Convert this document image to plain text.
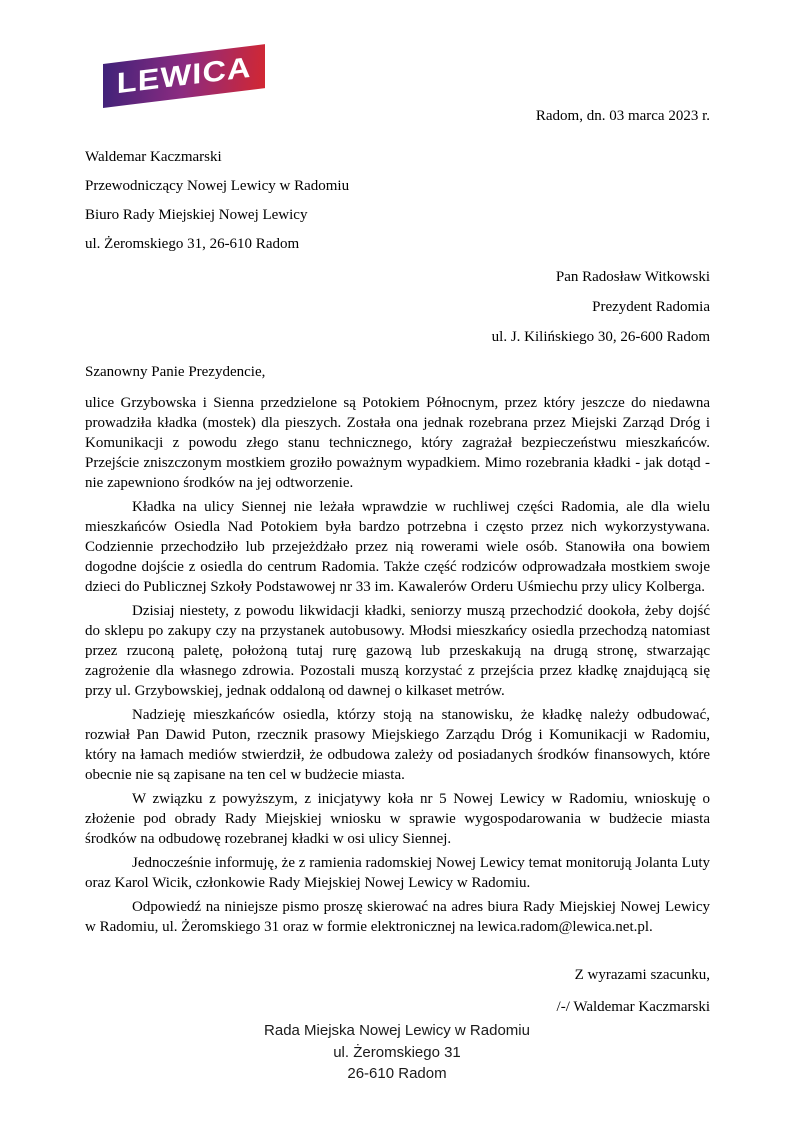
LEWICA
Radom, dn. 03 marca 2023 r.
Waldemar Kaczmarski
Przewodniczący Nowej Lewicy w Radomiu
Biuro Rady Miejskiej Nowej Lewicy
ul. Żeromskiego 31, 26-610 Radom
Pan Radosław Witkowski
Prezydent Radomia
ul. J. Kilińskiego 30, 26-600 Radom
Szanowny Panie Prezydencie,

ulice Grzybowska i Sienna przedzielone są Potokiem Północnym, przez który jeszcze do niedawna prowadziła kładka (mostek) dla pieszych. Została ona jednak rozebrana przez Miejski Zarząd Dróg i Komunikacji z powodu złego stanu technicznego, który zagrażał bezpieczeństwu mieszkańców. Przejście zniszczonym mostkiem groziło poważnym wypadkiem. Mimo rozebrania kładki - jak dotąd - nie zapewniono środków na jej odtworzenie.

Kładka na ulicy Siennej nie leżała wprawdzie w ruchliwej części Radomia, ale dla wielu mieszkańców Osiedla Nad Potokiem była bardzo potrzebna i często przez nich wykorzystywana. Codziennie przechodziło lub przejeżdżało przez nią rowerami wiele osób. Stanowiła ona bowiem dogodne dojście z osiedla do centrum Radomia. Także część rodziców odprowadzała mostkiem swoje dzieci do Publicznej Szkoły Podstawowej nr 33 im. Kawalerów Orderu Uśmiechu przy ulicy Kolberga.

Dzisiaj niestety, z powodu likwidacji kładki, seniorzy muszą przechodzić dookoła, żeby dojść do sklepu po zakupy czy na przystanek autobusowy. Młodsi mieszkańcy osiedla przechodzą natomiast przez rzuconą paletę, położoną tutaj rurę gazową lub przeskakują na drugą stronę, stwarzając zagrożenie dla własnego zdrowia. Pozostali muszą korzystać z przejścia przez kładkę znajdującą się przy ul. Grzybowskiej, jednak oddaloną od dawnej o kilkaset metrów.

Nadzieję mieszkańców osiedla, którzy stoją na stanowisku, że kładkę należy odbudować, rozwiał Pan Dawid Puton, rzecznik prasowy Miejskiego Zarządu Dróg i Komunikacji w Radomiu, który na łamach mediów stwierdził, że odbudowa zależy od posiadanych środków finansowych, które obecnie nie są zapisane na ten cel w budżecie miasta.

W związku z powyższym, z inicjatywy koła nr 5 Nowej Lewicy w Radomiu, wnioskuję o złożenie pod obrady Rady Miejskiej wniosku w sprawie wygospodarowania w budżecie miasta środków na odbudowę rozebranej kładki w osi ulicy Siennej.

Jednocześnie informuję, że z ramienia radomskiej Nowej Lewicy temat monitorują Jolanta Luty oraz Karol Wicik, członkowie Rady Miejskiej Nowej Lewicy w Radomiu.

Odpowiedź na niniejsze pismo proszę skierować na adres biura Rady Miejskiej Nowej Lewicy w Radomiu, ul. Żeromskiego 31 oraz w formie elektronicznej na lewica.radom@lewica.net.pl.

Z wyrazami szacunku,
/-/ Waldemar Kaczmarski
Rada Miejska Nowej Lewicy w Radomiu
ul. Żeromskiego 31
26-610 Radom
